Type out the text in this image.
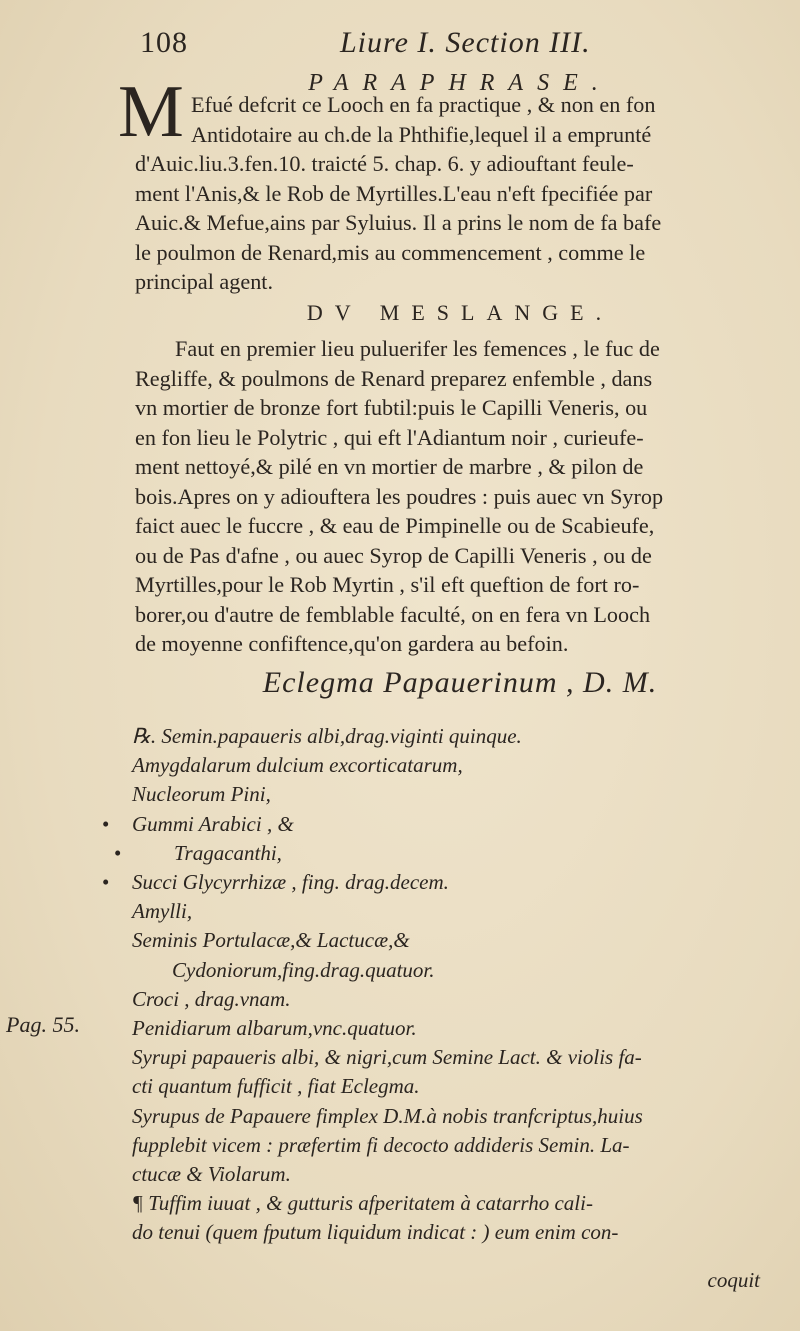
108	Liure I. Section III.
PARAPHRASE.
M Efué defcrit ce Looch en fa practique , & non en fon
Antidotaire au ch.de la Phthifie,lequel il a emprunté
d'Auic.liu.3.fen.10. traicté 5. chap. 6. y adiouftant feule-
ment l'Anis,& le Rob de Myrtilles.L'eau n'eft fpecifiée par
Auic.& Mefue,ains par Syluius. Il a prins le nom de fa bafe
le poulmon de Renard,mis au commencement , comme le
principal agent.
DV MESLANGE.
Faut en premier lieu puluerifer les femences , le fuc de
Regliffe, & poulmons de Renard preparez enfemble , dans
vn mortier de bronze fort fubtil:puis le Capilli Veneris, ou
en fon lieu le Polytric , qui eft l'Adiantum noir , curieufe-
ment nettoyé,& pilé en vn mortier de marbre , & pilon de
bois.Apres on y adiouftera les poudres : puis auec vn Syrop
faict auec le fuccre , & eau de Pimpinelle ou de Scabieufe,
ou de Pas d'afne , ou auec Syrop de Capilli Veneris , ou de
Myrtilles,pour le Rob Myrtin , s'il eft queftion de fort ro-
borer,ou d'autre de femblable faculté, on en fera vn Looch
de moyenne confiftence,qu'on gardera au befoin.
Eclegma Papauerinum , D. M.
℞. Semin.papaueris albi,drag.viginti quinque.
Amygdalarum dulcium excorticatarum,
Nucleorum Pini,
• Gummi Arabici , &
•	Tragacanthi,
• Succi Glycyrrhizæ , fing. drag.decem.
Amylli,
Seminis Portulacæ,& Lactucæ,&
Cydoniorum,fing.drag.quatuor.
Croci , drag.vnam.
Penidiarum albarum,vnc.quatuor.
Syrupi papaueris albi, & nigri,cum Semine Lact. & violis fa-
cti quantum fufficit , fiat Eclegma.
Syrupus de Papauere fimplex D.M.à nobis tranfcriptus,huius
fupplebit vicem : præfertim fi decocto addideris Semin. La-
ctucæ & Violarum.
¶ Tuffim iuuat , & gutturis afperitatem à catarrho cali-
do tenui (quem fputum liquidum indicat : ) eum enim con-
coquit
Pag. 55.
